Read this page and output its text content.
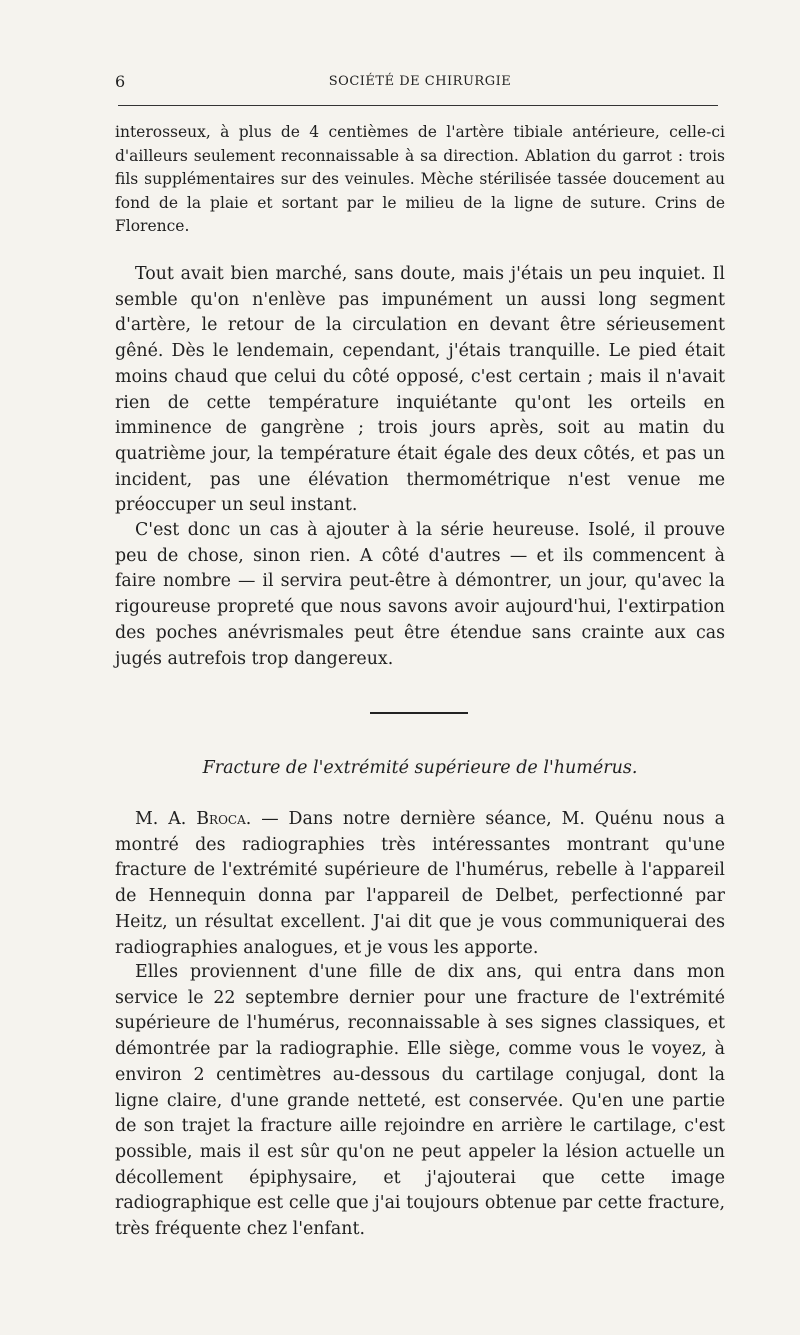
6	SOCIÉTÉ DE CHIRURGIE

interosseux, à plus de 4 centièmes de l'artère tibiale antérieure, celle-ci d'ailleurs seulement reconnaissable à sa direction. Ablation du garrot : trois fils supplémentaires sur des veinules. Mèche stérilisée tassée doucement au fond de la plaie et sortant par le milieu de la ligne de suture. Crins de Florence.

Tout avait bien marché, sans doute, mais j'étais un peu inquiet. Il semble qu'on n'enlève pas impunément un aussi long segment d'artère, le retour de la circulation en devant être sérieusement gêné. Dès le lendemain, cependant, j'étais tranquille. Le pied était moins chaud que celui du côté opposé, c'est certain ; mais il n'avait rien de cette température inquiétante qu'ont les orteils en imminence de gangrène ; trois jours après, soit au matin du quatrième jour, la température était égale des deux côtés, et pas un incident, pas une élévation thermométrique n'est venue me préoccuper un seul instant.

C'est donc un cas à ajouter à la série heureuse. Isolé, il prouve peu de chose, sinon rien. A côté d'autres — et ils commencent à faire nombre — il servira peut-être à démontrer, un jour, qu'avec la rigoureuse propreté que nous savons avoir aujourd'hui, l'extirpation des poches anévrismales peut être étendue sans crainte aux cas jugés autrefois trop dangereux.

Fracture de l'extrémité supérieure de l'humérus.

M. A. Broca. — Dans notre dernière séance, M. Quénu nous a montré des radiographies très intéressantes montrant qu'une fracture de l'extrémité supérieure de l'humérus, rebelle à l'appareil de Hennequin donna par l'appareil de Delbet, perfectionné par Heitz, un résultat excellent. J'ai dit que je vous communiquerai des radiographies analogues, et je vous les apporte.

Elles proviennent d'une fille de dix ans, qui entra dans mon service le 22 septembre dernier pour une fracture de l'extrémité supérieure de l'humérus, reconnaissable à ses signes classiques, et démontrée par la radiographie. Elle siège, comme vous le voyez, à environ 2 centimètres au-dessous du cartilage conjugal, dont la ligne claire, d'une grande netteté, est conservée. Qu'en une partie de son trajet la fracture aille rejoindre en arrière le cartilage, c'est possible, mais il est sûr qu'on ne peut appeler la lésion actuelle un décollement épiphysaire, et j'ajouterai que cette image radiographique est celle que j'ai toujours obtenue par cette fracture, très fréquente chez l'enfant.
